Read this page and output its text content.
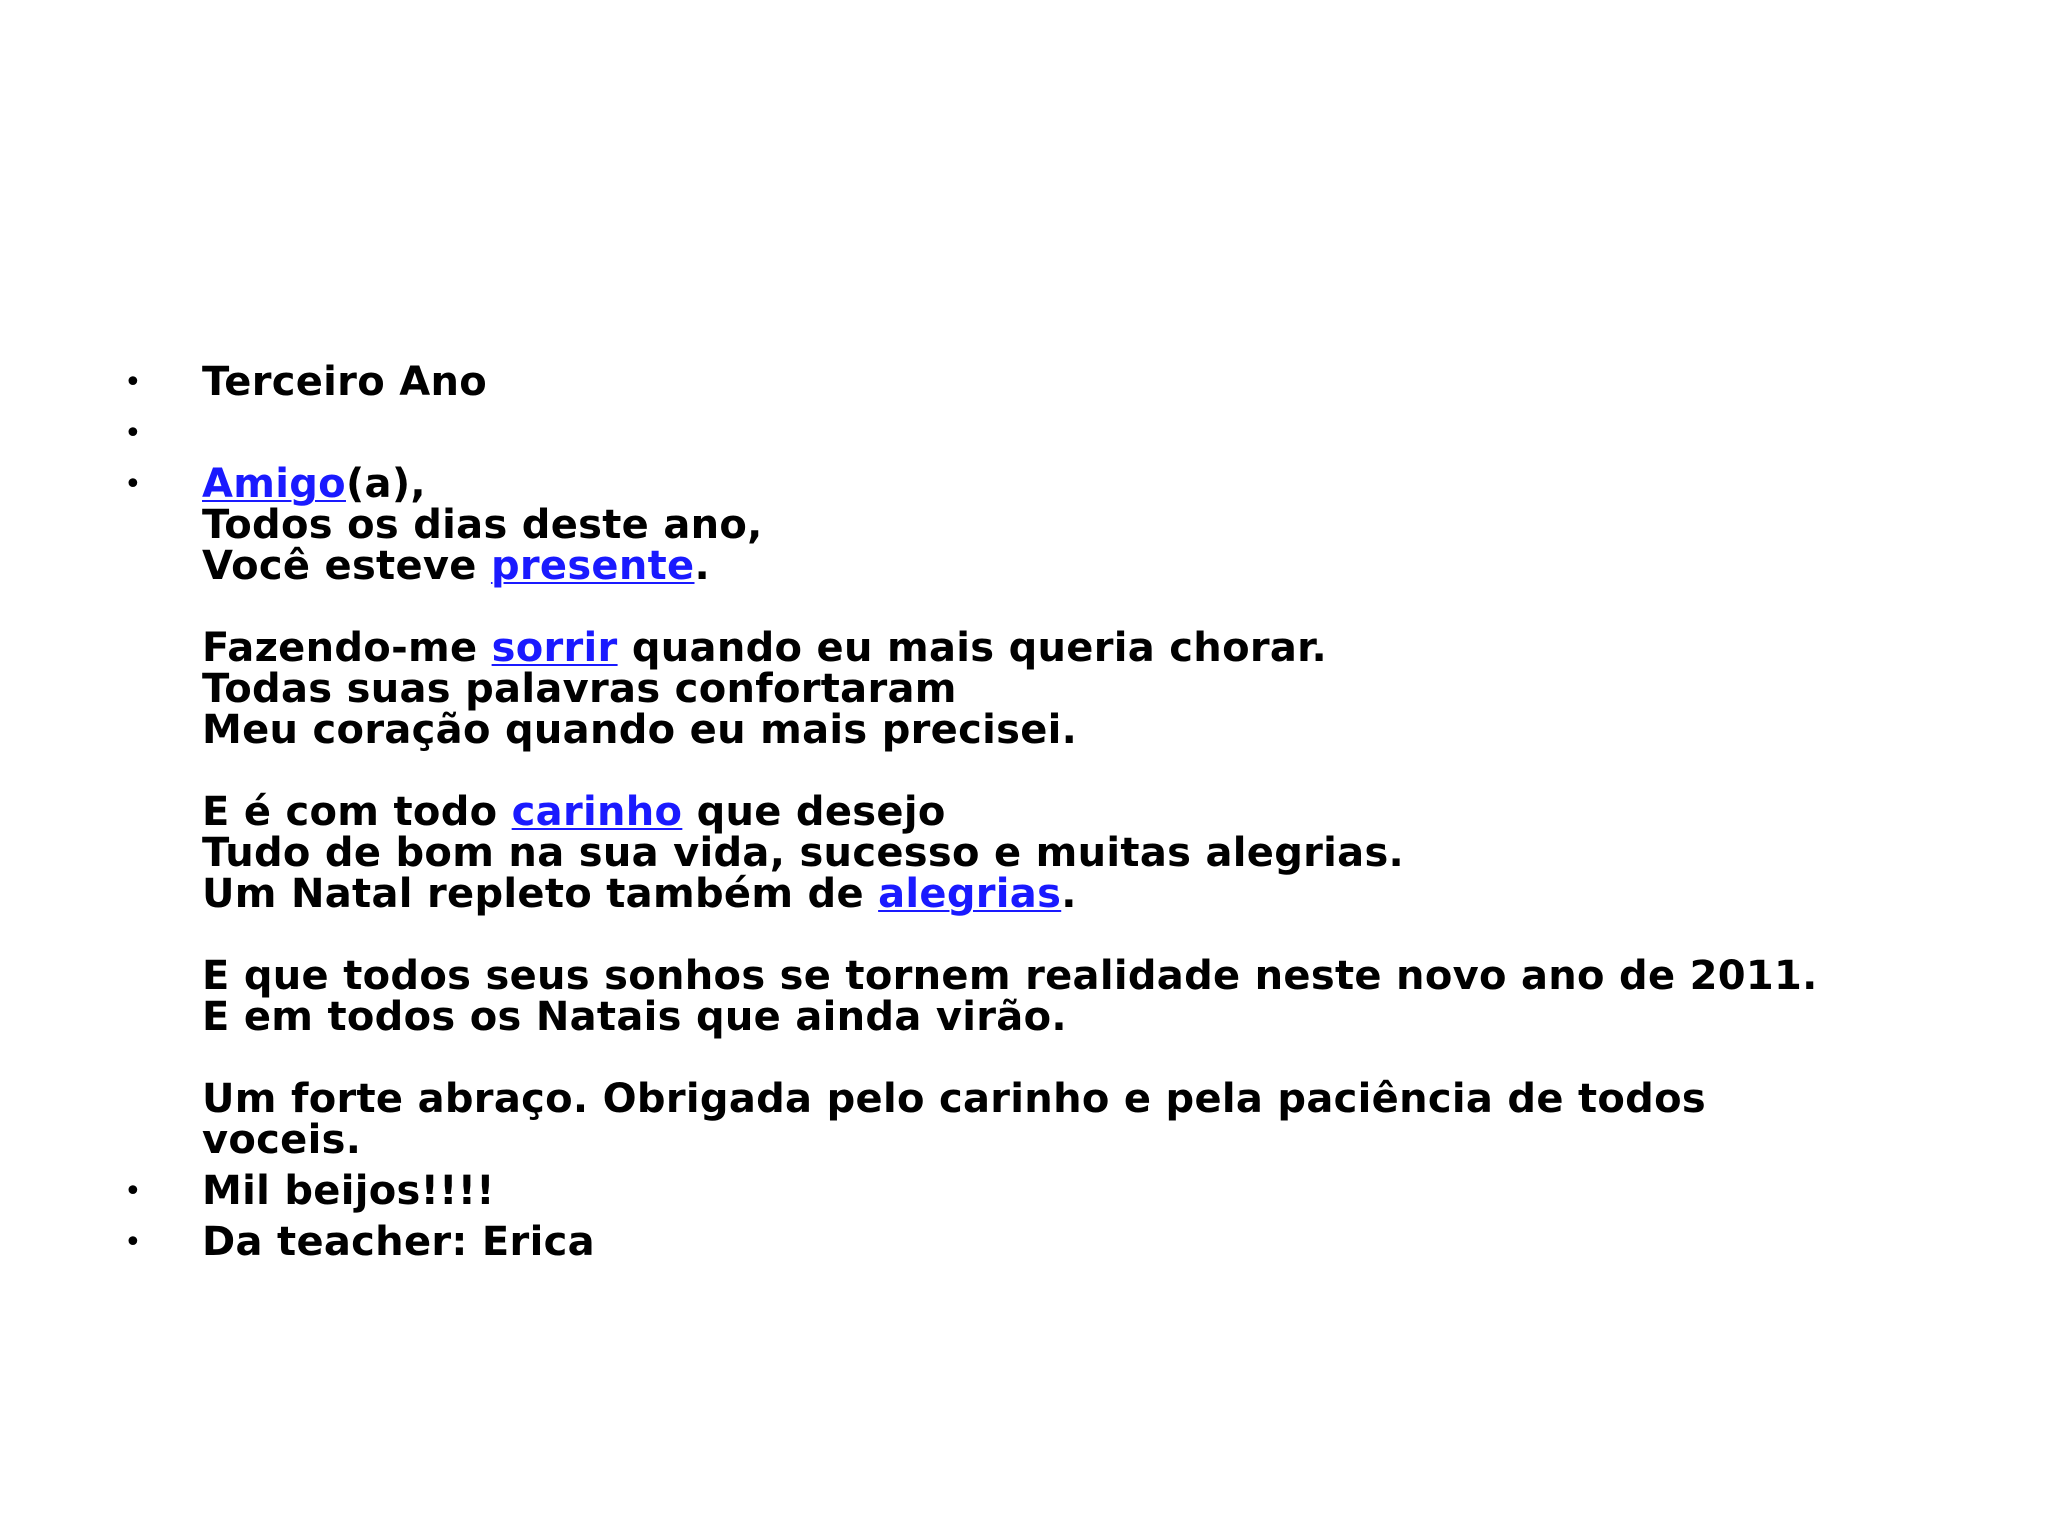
• Terceiro Ano
•
• Amigo(a),
Todos os dias deste ano,
Você esteve presente.
Fazendo-me sorrir quando eu mais queria chorar.
Todas suas palavras confortaram
Meu coração quando eu mais precisei.
E é com todo carinho que desejo
Tudo de bom na sua vida, sucesso e muitas alegrias.
Um Natal repleto também de alegrias.
E que todos seus sonhos se tornem realidade neste novo ano de 2011.
E em todos os Natais que ainda virão.
Um forte abraço. Obrigada pelo carinho e pela paciência de todos
voceis.
• Mil beijos!!!!
• Da teacher: Erica
